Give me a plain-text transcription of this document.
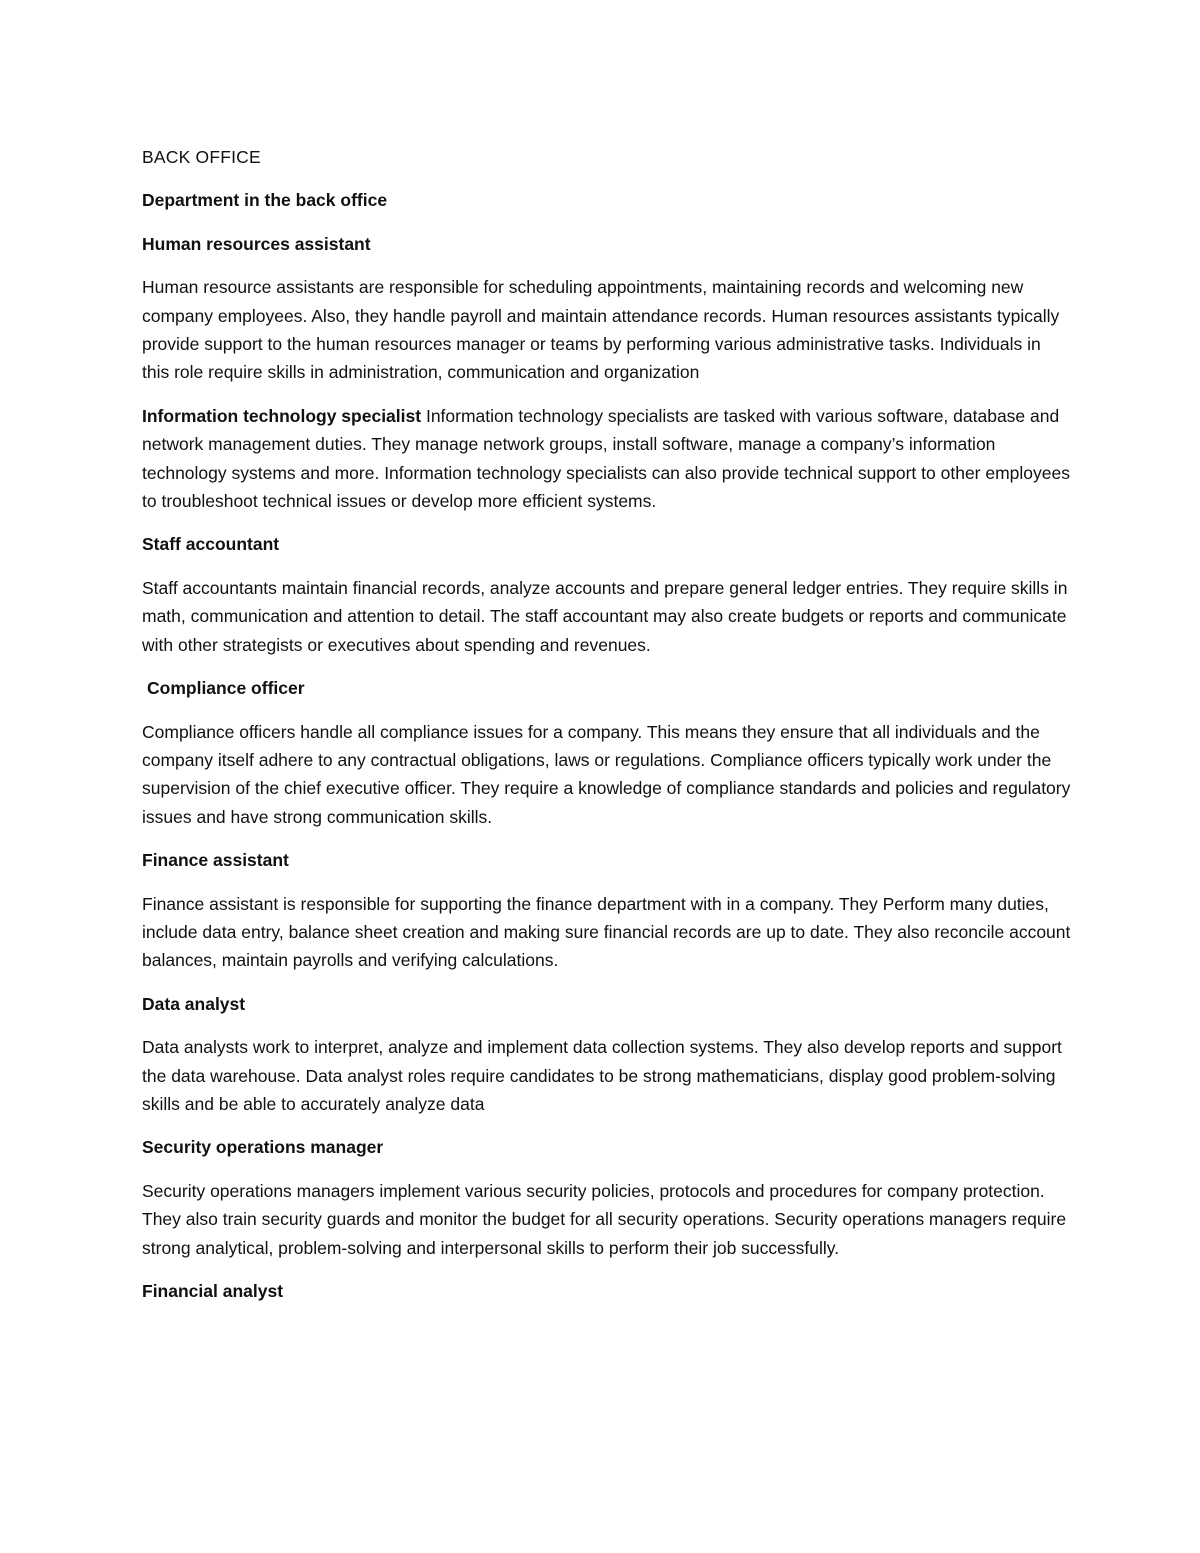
BACK OFFICE

Department in the back office

Human resources assistant

Human resource assistants are responsible for scheduling appointments, maintaining records and welcoming new company employees. Also, they handle payroll and maintain attendance records. Human resources assistants typically provide support to the human resources manager or teams by performing various administrative tasks. Individuals in this role require skills in administration, communication and organization

Information technology specialist Information technology specialists are tasked with various software, database and network management duties. They manage network groups, install software, manage a company’s information technology systems and more. Information technology specialists can also provide technical support to other employees to troubleshoot technical issues or develop more efficient systems.

Staff accountant

Staff accountants maintain financial records, analyze accounts and prepare general ledger entries. They require skills in math, communication and attention to detail. The staff accountant may also create budgets or reports and communicate with other strategists or executives about spending and revenues.

Compliance officer

Compliance officers handle all compliance issues for a company. This means they ensure that all individuals and the company itself adhere to any contractual obligations, laws or regulations. Compliance officers typically work under the supervision of the chief executive officer. They require a knowledge of compliance standards and policies and regulatory issues and have strong communication skills.

Finance assistant

Finance assistant is responsible for supporting the finance department with in a company. They Perform many duties, include data entry, balance sheet creation and making sure financial records are up to date. They also reconcile account balances, maintain payrolls and verifying calculations.

Data analyst

Data analysts work to interpret, analyze and implement data collection systems. They also develop reports and support the data warehouse. Data analyst roles require candidates to be strong mathematicians, display good problem-solving skills and be able to accurately analyze data

Security operations manager

Security operations managers implement various security policies, protocols and procedures for company protection. They also train security guards and monitor the budget for all security operations. Security operations managers require strong analytical, problem-solving and interpersonal skills to perform their job successfully.

Financial analyst
